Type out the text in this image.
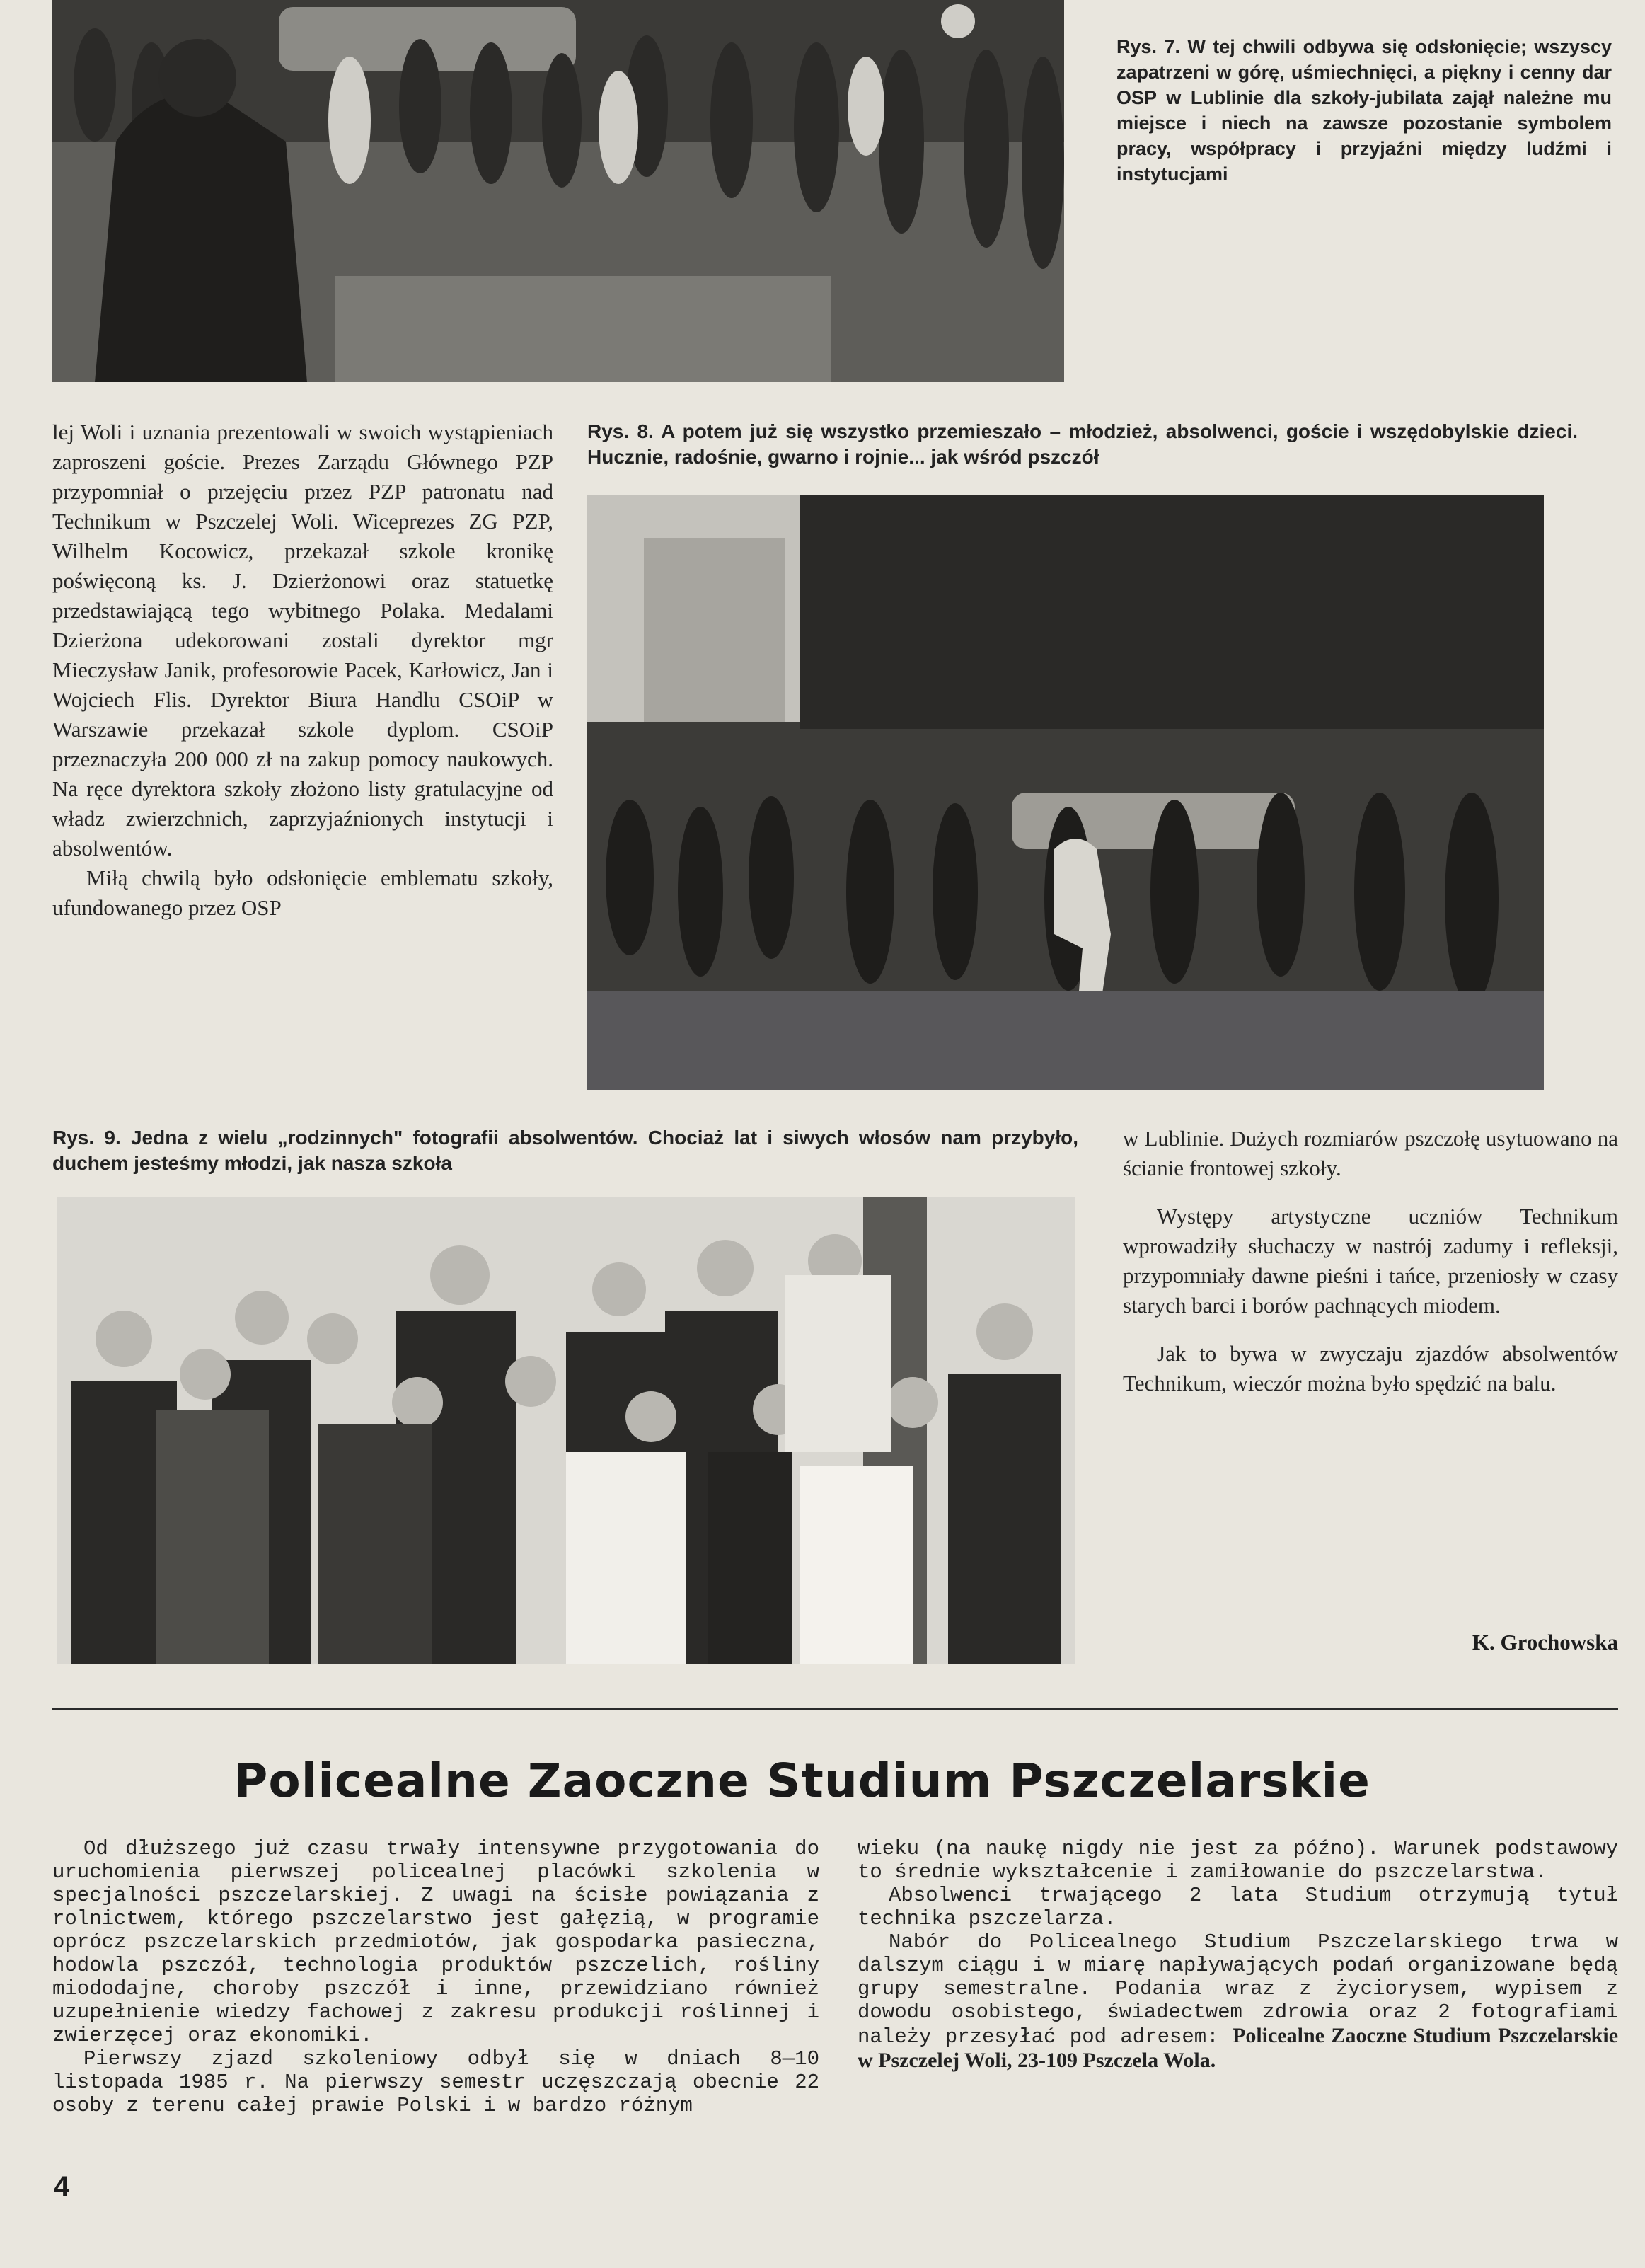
Rys. 7. W tej chwili odbywa się odsłonięcie; wszyscy zapatrzeni w górę, uśmiechnięci, a piękny i cenny dar OSP w Lublinie dla szkoły-jubilata zajął należne mu miejsce i niech na zawsze pozostanie symbolem pracy, współpracy i przyjaźni między ludźmi i instytucjami

lej Woli i uznania prezentowali w swoich wystąpieniach zaproszeni goście. Prezes Zarządu Głównego PZP przypomniał o przejęciu przez PZP patronatu nad Technikum w Pszczelej Woli. Wiceprezes ZG PZP, Wilhelm Kocowicz, przekazał szkole kronikę poświęconą ks. J. Dzierżonowi oraz statuetkę przedstawiającą tego wybitnego Polaka. Medalami Dzierżona udekorowani zostali dyrektor mgr Mieczysław Janik, profesorowie Pacek, Karłowicz, Jan i Wojciech Flis. Dyrektor Biura Handlu CSOiP w Warszawie przekazał szkole dyplom. CSOiP przeznaczyła 200 000 zł na zakup pomocy naukowych. Na ręce dyrektora szkoły złożono listy gratulacyjne od władz zwierzchnich, zaprzyjaźnionych instytucji i absolwentów.

Miłą chwilą było odsłonięcie emblematu szkoły, ufundowanego przez OSP

Rys. 8. A potem już się wszystko przemieszało – młodzież, absolwenci, goście i wszędobylskie dzieci. Hucznie, radośnie, gwarno i rojnie... jak wśród pszczół
Rys. 9. Jedna z wielu „rodzinnych" fotografii absolwentów. Chociaż lat i siwych włosów nam przybyło, duchem jesteśmy młodzi, jak nasza szkoła

w Lublinie. Dużych rozmiarów pszczołę usytuowano na ścianie frontowej szkoły.

Występy artystyczne uczniów Technikum wprowadziły słuchaczy w nastrój zadumy i refleksji, przypomniały dawne pieśni i tańce, przeniosły w czasy starych barci i borów pachnących miodem.

Jak to bywa w zwyczaju zjazdów absolwentów Technikum, wieczór można było spędzić na balu.

K. Grochowska
Policealne Zaoczne Studium Pszczelarskie

Od dłuższego już czasu trwały intensywne przygotowania do uruchomienia pierwszej policealnej placówki szkolenia w specjalności pszczelarskiej. Z uwagi na ścisłe powiązania z rolnictwem, którego pszczelarstwo jest gałęzią, w programie oprócz pszczelarskich przedmiotów, jak gospodarka pasieczna, hodowla pszczół, technologia produktów pszczelich, rośliny miododajne, choroby pszczół i inne, przewidziano również uzupełnienie wiedzy fachowej z zakresu produkcji roślinnej i zwierzęcej oraz ekonomiki.

Pierwszy zjazd szkoleniowy odbył się w dniach 8—10 listopada 1985 r. Na pierwszy semestr uczęszczają obecnie 22 osoby z terenu całej prawie Polski i w bardzo różnym

wieku (na naukę nigdy nie jest za późno). Warunek podstawowy to średnie wykształcenie i zamiłowanie do pszczelarstwa.

Absolwenci trwającego 2 lata Studium otrzymują tytuł technika pszczelarza.

Nabór do Policealnego Studium Pszczelarskiego trwa w dalszym ciągu i w miarę napływających podań organizowane będą grupy semestralne. Podania wraz z życiorysem, wypisem z dowodu osobistego, świadectwem zdrowia oraz 2 fotografiami należy przesyłać pod adresem: Policealne Zaoczne Studium Pszczelarskie w Pszczelej Woli, 23-109 Pszczela Wola.

4
